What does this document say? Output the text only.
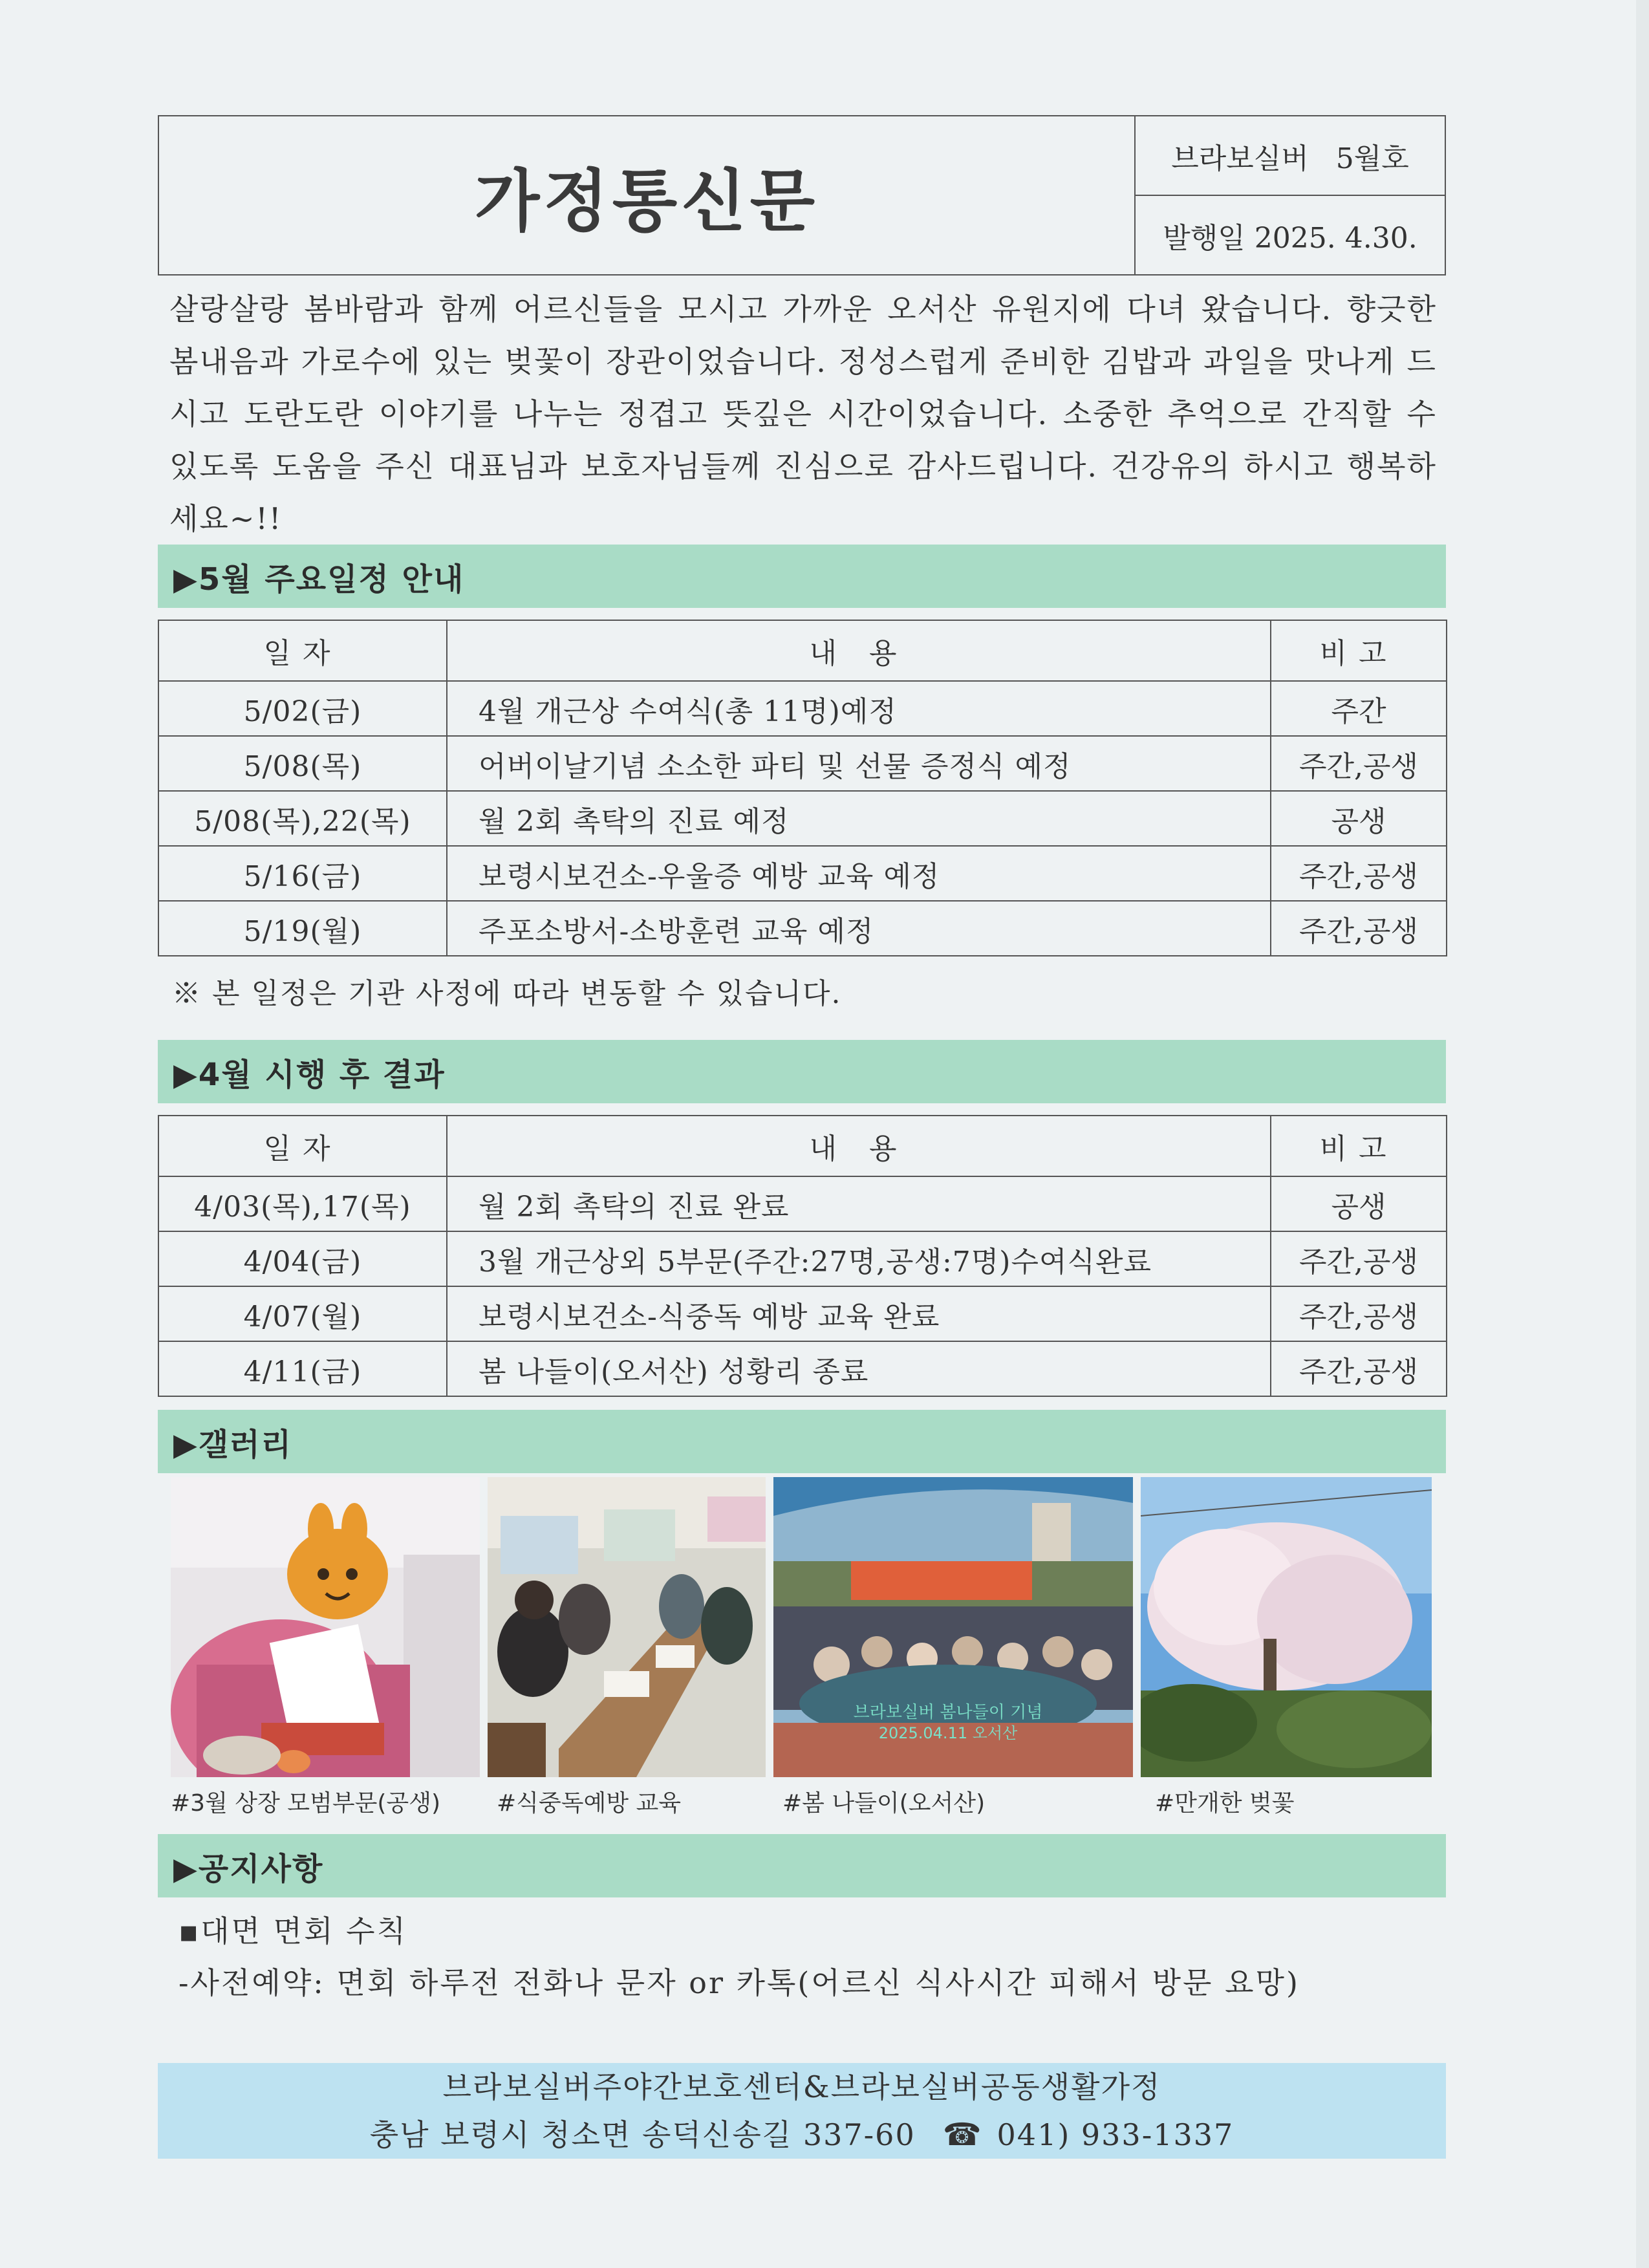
가정통신문
브라보실버   5월호
발행일 2025. 4.30.
살랑살랑 봄바람과 함께 어르신들을 모시고 가까운 오서산 유원지에 다녀 왔습니다. 향긋한 봄내음과 가로수에 있는 벚꽃이 장관이었습니다. 정성스럽게 준비한 김밥과 과일을 맛나게 드시고 도란도란 이야기를 나누는 정겹고 뜻깊은 시간이었습니다. 소중한 추억으로 간직할 수 있도록 도움을 주신 대표님과 보호자님들께 진심으로 감사드립니다. 건강유의 하시고 행복하세요~!!
▶5월 주요일정 안내
일자	내 용	비고
5/02(금)	4월 개근상 수여식(총 11명)예정	주간
5/08(목)	어버이날기념 소소한 파티 및 선물 증정식 예정	주간,공생
5/08(목),22(목)	월 2회 촉탁의 진료 예정	공생
5/16(금)	보령시보건소-우울증 예방 교육 예정	주간,공생
5/19(월)	주포소방서-소방훈련 교육 예정	주간,공생
※ 본 일정은 기관 사정에 따라 변동할 수 있습니다.
▶4월 시행 후 결과
일자	내 용	비고
4/03(목),17(목)	월 2회 촉탁의 진료 완료	공생
4/04(금)	3월 개근상외 5부문(주간:27명,공생:7명)수여식완료	주간,공생
4/07(월)	보령시보건소-식중독 예방 교육 완료	주간,공생
4/11(금)	봄 나들이(오서산) 성황리 종료	주간,공생
▶갤러리
브라보실버 봄나들이 기념
2025.04.11 오서산
#3월 상장 모범부문(공생) #식중독예방 교육	#봄 나들이(오서산)	#만개한 벚꽃
▶공지사항
▪대면 면회 수칙
-사전예약: 면회 하루전 전화나 문자 or 카톡(어르신 식사시간 피해서 방문 요망)
브라보실버주야간보호센터&브라보실버공동생활가정
충남 보령시 청소면 송덕신송길 337-60 ☎ 041) 933-1337
